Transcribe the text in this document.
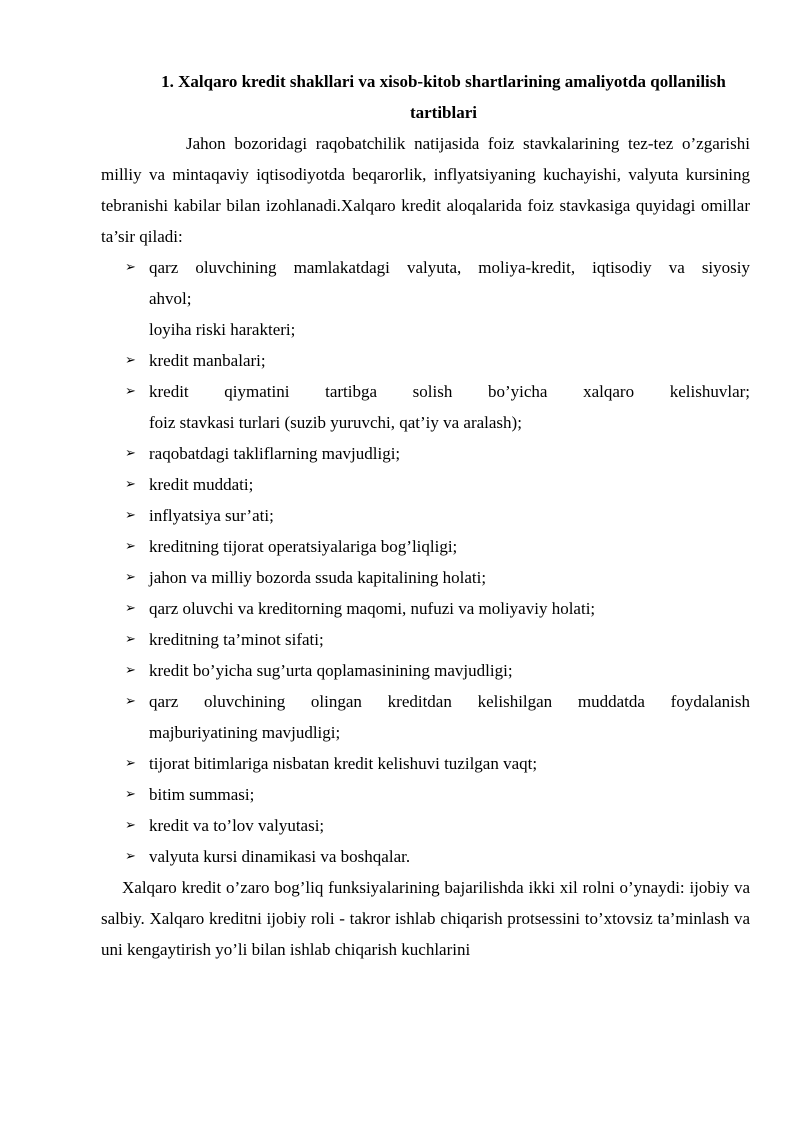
1. Xalqaro kredit shakllari va xisob-kitob shartlarining amaliyotda qollanilish
tartiblari

Jahon bozoridagi raqobatchilik natijasida foiz stavkalarining tez-tez o’zgarishi milliy va mintaqaviy iqtisodiyotda beqarorlik, inflyatsiyaning kuchayishi, valyuta kursining tebranishi kabilar bilan izohlanadi.Xalqaro kredit aloqalarida foiz stavkasiga quyidagi omillar ta’sir qiladi:

➢ qarz oluvchining mamlakatdagi valyuta, moliya-kredit, iqtisodiy va siyosiy
ahvol;
loyiha riski harakteri;
➢ kredit manbalari;
➢ kredit qiymatini tartibga solish bo’yicha xalqaro kelishuvlar;
foiz stavkasi turlari (suzib yuruvchi, qat’iy va aralash);
➢ raqobatdagi takliflarning mavjudligi;
➢ kredit muddati;
➢ inflyatsiya sur’ati;
➢ kreditning tijorat operatsiyalariga bog’liqligi;
➢ jahon va milliy bozorda ssuda kapitalining holati;
➢ qarz oluvchi va kreditorning maqomi, nufuzi va moliyaviy holati;
➢ kreditning ta’minot sifati;
➢ kredit bo’yicha sug’urta qoplamasinining mavjudligi;
➢ qarz oluvchining olingan kreditdan kelishilgan muddatda foydalanish
majburiyatining mavjudligi;
➢ tijorat bitimlariga nisbatan kredit kelishuvi tuzilgan vaqt;
➢ bitim summasi;
➢ kredit va to’lov valyutasi;
➢ valyuta kursi dinamikasi va boshqalar.

Xalqaro kredit o’zaro bog’liq funksiyalarining bajarilishda ikki xil rolni o’ynaydi: ijobiy va salbiy. Xalqaro kreditni ijobiy roli - takror ishlab chiqarish protsessini to’xtovsiz ta’minlash va uni kengaytirish yo’li bilan ishlab chiqarish kuchlarini
